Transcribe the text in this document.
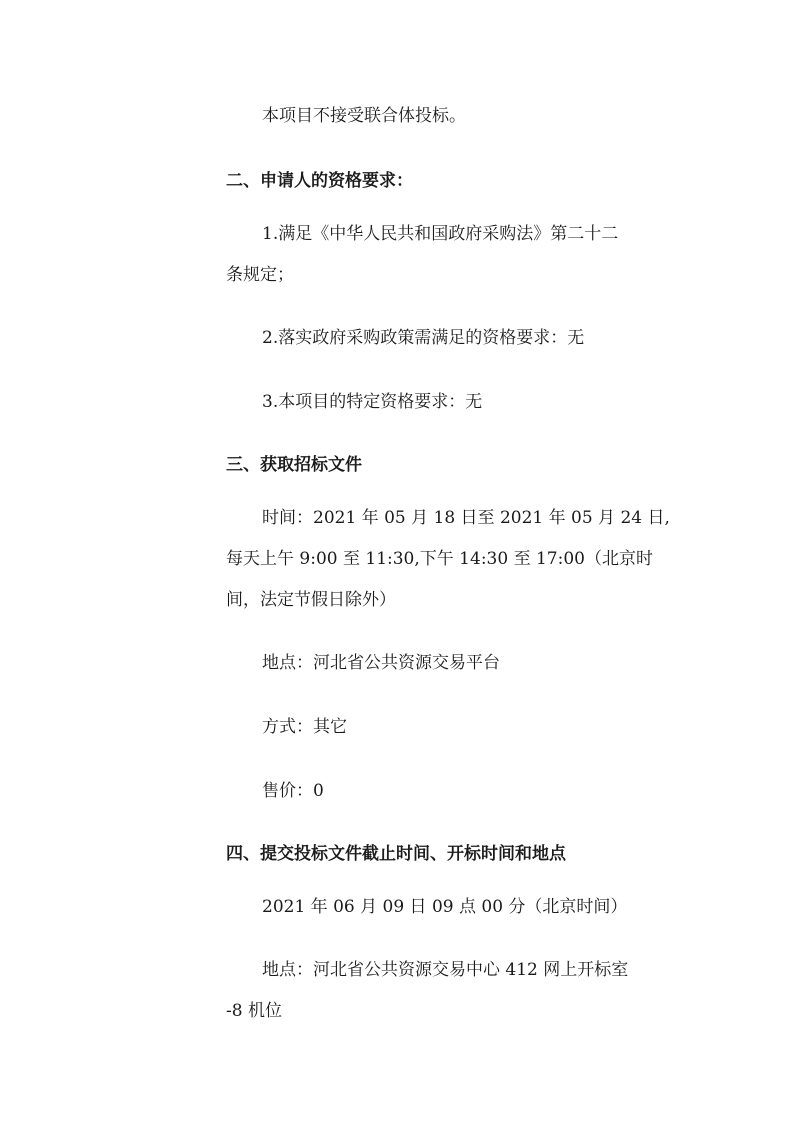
本项目不接受联合体投标。
二、申请人的资格要求：
1.满足《中华人民共和国政府采购法》第二十二
条规定；
2.落实政府采购政策需满足的资格要求：无
3.本项目的特定资格要求：无
三、获取招标文件
时间：2021 年 05 月 18 日至 2021 年 05 月 24 日,
每天上午 9:00 至 11:30,下午 14:30 至 17:00（北京时
间，法定节假日除外）
地点：河北省公共资源交易平台
方式：其它
售价：0
四、提交投标文件截止时间、开标时间和地点
2021 年 06 月 09 日 09 点 00 分（北京时间）
地点：河北省公共资源交易中心 412 网上开标室
-8 机位
